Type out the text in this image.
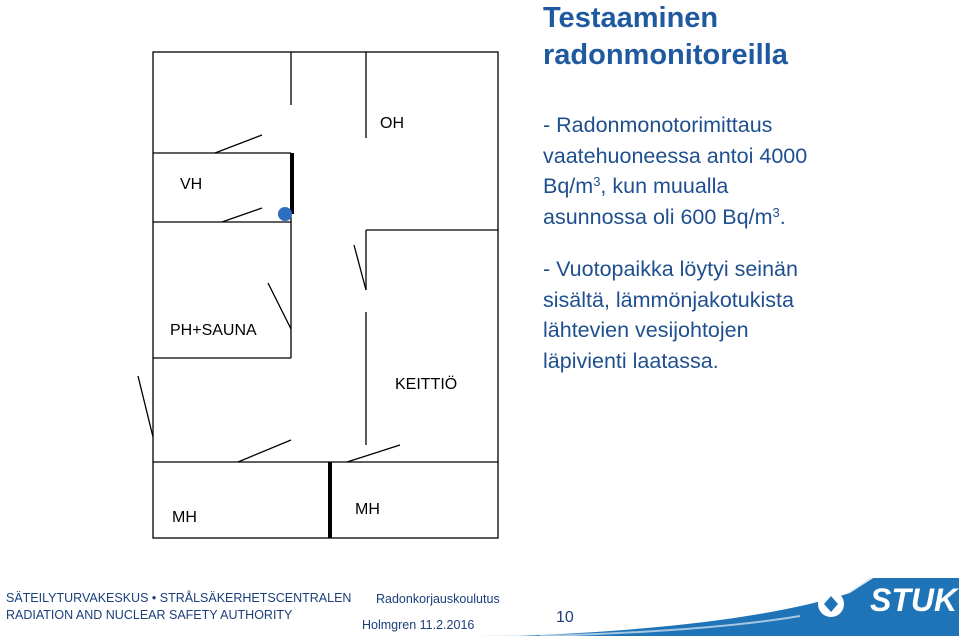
OH
VH
PH+SAUNA
KEITTIÖ
MH	MH
Testaaminen
radonmonitoreilla

- Radonmonotorimittaus
vaatehuoneessa antoi 4000
$Bq/m^3$, kun muualla
asunnossa oli 600 $Bq/m^3$.

- Vuotopaikka löytyi seinän
sisältä, lämmönjakotukista
lähtevien vesijohtojen
läpivienti laatassa.

SÄTEILYTURVAKESKUS • STRÅLSÄKERHETSCENTRALEN
RADIATION AND NUCLEAR SAFETY AUTHORITY
Radonkorjauskoulutus
Holmgren 11.2.2016	10	STUK
